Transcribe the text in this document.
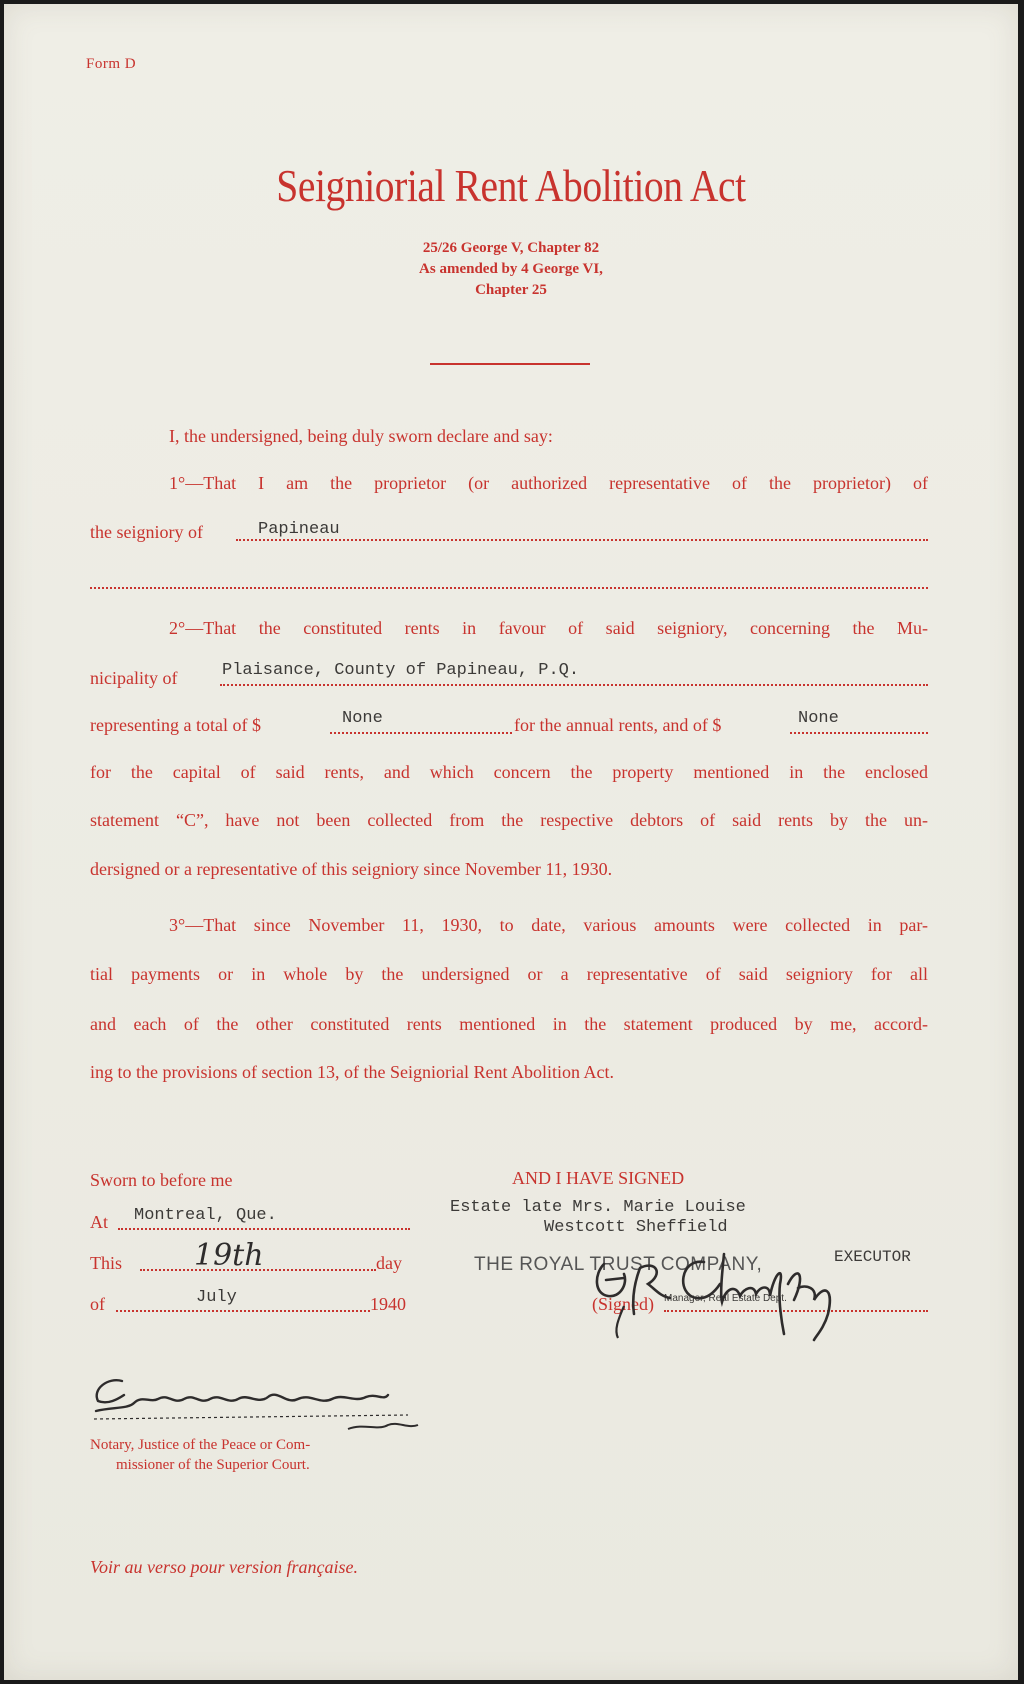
Form D
Seigniorial Rent Abolition Act
25/26 George V, Chapter 82
As amended by 4 George VI,
Chapter 25
I, the undersigned, being duly sworn declare and say:
1°—That I am the proprietor (or authorized representative of the proprietor) of
the seigniory of	Papineau
2°—That the constituted rents in favour of said seigniory, concerning the Mu-
nicipality of	Plaisance, County of Papineau, P.Q.
representing a total of $	None	for the annual rents, and of $	None
for the capital of said rents, and which concern the property mentioned in the enclosed
statement “C”, have not been collected from the respective debtors of said rents by the un-
dersigned or a representative of this seigniory since November 11, 1930.
3°—That since November 11, 1930, to date, various amounts were collected in par-
tial payments or in whole by the undersigned or a representative of said seigniory for all
and each of the other constituted rents mentioned in the statement produced by me, accord-
ing to the provisions of section 13, of the Seigniorial Rent Abolition Act.
Sworn to before me
At Montreal, Que.
This 19th	day
of	July	1940
Notary, Justice of the Peace or Com-
missioner of the Superior Court.
AND I HAVE SIGNED
Estate late Mrs. Marie Louise
Westcott Sheffield
THE ROYAL TRUST COMPANY,	EXECUTOR
(Signed) Manager, Real Estate Dept.
Voir au verso pour version française.
